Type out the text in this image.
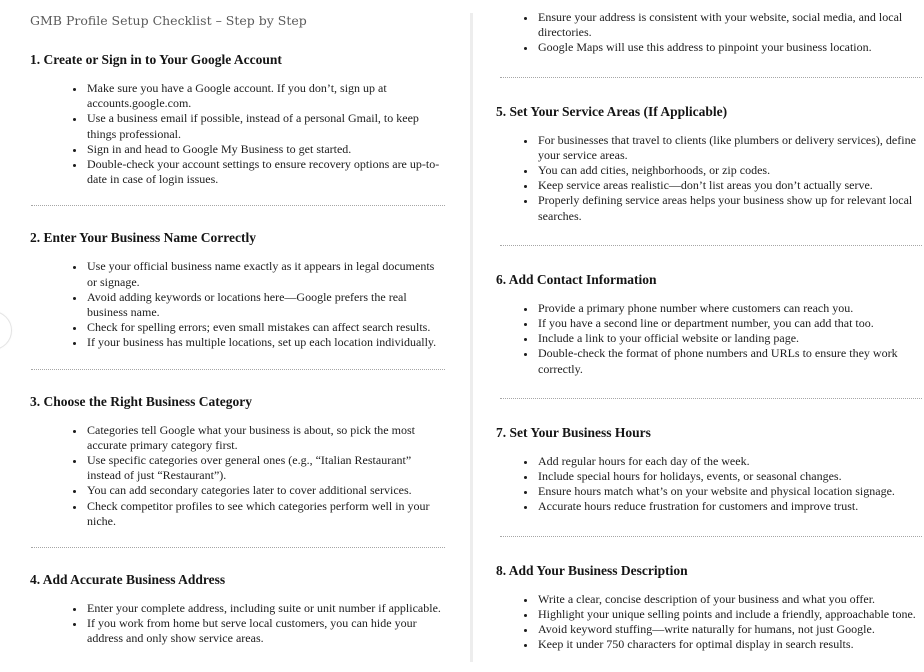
GMB Profile Setup Checklist – Step by Step
1. Create or Sign in to Your Google Account
• Make sure you have a Google account. If you don’t, sign up at accounts.google.com.
• Use a business email if possible, instead of a personal Gmail, to keep things professional.
• Sign in and head to Google My Business to get started.
• Double-check your account settings to ensure recovery options are up-to-date in case of login issues.
2. Enter Your Business Name Correctly
• Use your official business name exactly as it appears in legal documents or signage.
• Avoid adding keywords or locations here—Google prefers the real business name.
• Check for spelling errors; even small mistakes can affect search results.
• If your business has multiple locations, set up each location individually.
3. Choose the Right Business Category
• Categories tell Google what your business is about, so pick the most accurate primary category first.
• Use specific categories over general ones (e.g., “Italian Restaurant” instead of just “Restaurant”).
• You can add secondary categories later to cover additional services.
• Check competitor profiles to see which categories perform well in your niche.
4. Add Accurate Business Address
• Enter your complete address, including suite or unit number if applicable.
• If you work from home but serve local customers, you can hide your address and only show service areas.
• Ensure your address is consistent with your website, social media, and local directories.
• Google Maps will use this address to pinpoint your business location.
5. Set Your Service Areas (If Applicable)
• For businesses that travel to clients (like plumbers or delivery services), define your service areas.
• You can add cities, neighborhoods, or zip codes.
• Keep service areas realistic—don’t list areas you don’t actually serve.
• Properly defining service areas helps your business show up for relevant local searches.
6. Add Contact Information
• Provide a primary phone number where customers can reach you.
• If you have a second line or department number, you can add that too.
• Include a link to your official website or landing page.
• Double-check the format of phone numbers and URLs to ensure they work correctly.
7. Set Your Business Hours
• Add regular hours for each day of the week.
• Include special hours for holidays, events, or seasonal changes.
• Ensure hours match what’s on your website and physical location signage.
• Accurate hours reduce frustration for customers and improve trust.
8. Add Your Business Description
• Write a clear, concise description of your business and what you offer.
• Highlight your unique selling points and include a friendly, approachable tone.
• Avoid keyword stuffing—write naturally for humans, not just Google.
• Keep it under 750 characters for optimal display in search results.
